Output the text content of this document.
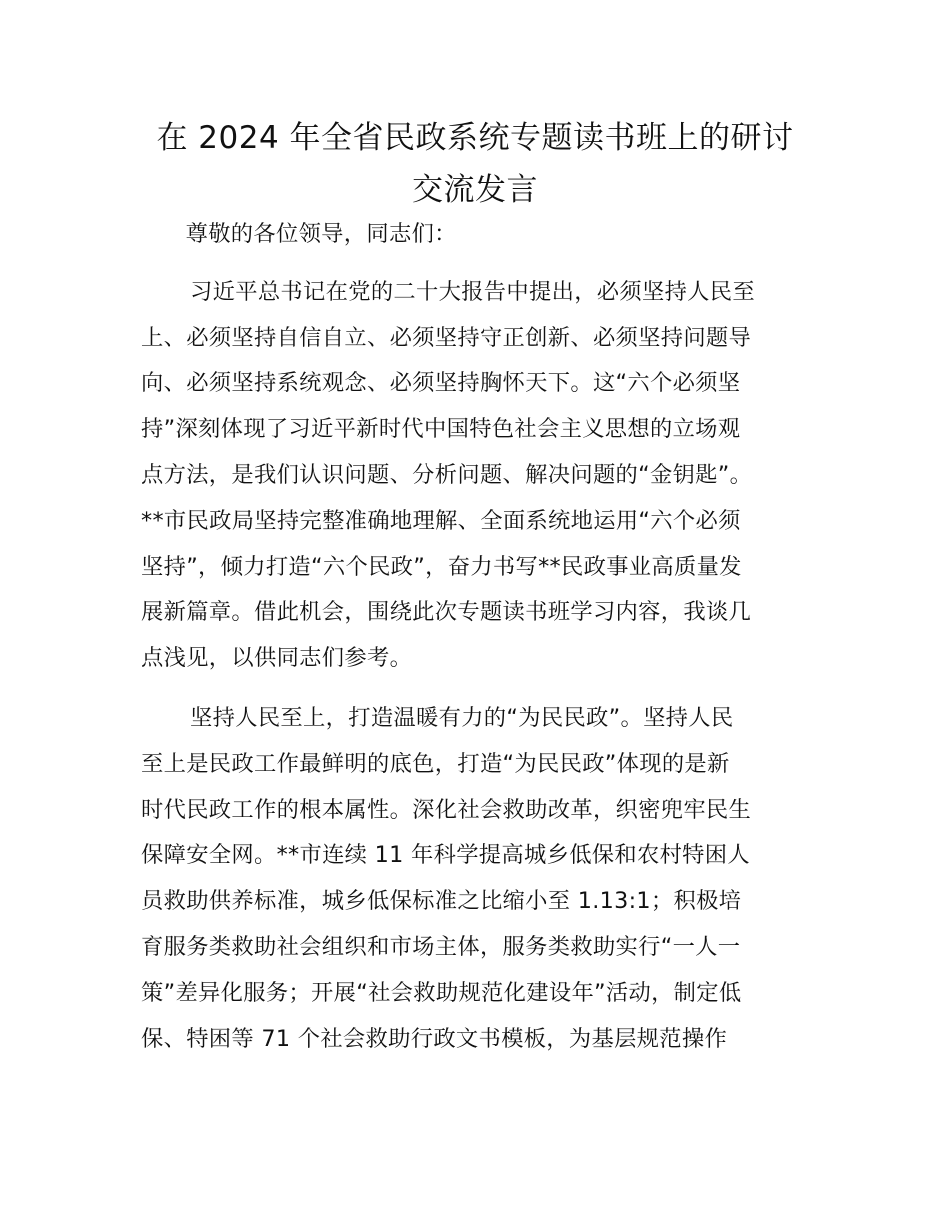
在 2024 年全省民政系统专题读书班上的研讨
交流发言

尊敬的各位领导，同志们：

习近平总书记在党的二十大报告中提出，必须坚持人民至
上、必须坚持自信自立、必须坚持守正创新、必须坚持问题导
向、必须坚持系统观念、必须坚持胸怀天下。这“六个必须坚
持”深刻体现了习近平新时代中国特色社会主义思想的立场观
点方法，是我们认识问题、分析问题、解决问题的“金钥匙”。
**市民政局坚持完整准确地理解、全面系统地运用“六个必须
坚持”，倾力打造“六个民政”，奋力书写**民政事业高质量发
展新篇章。借此机会，围绕此次专题读书班学习内容，我谈几
点浅见，以供同志们参考。

坚持人民至上，打造温暖有力的“为民民政”。坚持人民
至上是民政工作最鲜明的底色，打造“为民民政”体现的是新
时代民政工作的根本属性。深化社会救助改革，织密兜牢民生
保障安全网。**市连续 11 年科学提高城乡低保和农村特困人
员救助供养标准，城乡低保标准之比缩小至 1.13:1；积极培
育服务类救助社会组织和市场主体，服务类救助实行“一人一
策”差异化服务；开展“社会救助规范化建设年”活动，制定低
保、特困等 71 个社会救助行政文书模板，为基层规范操作
